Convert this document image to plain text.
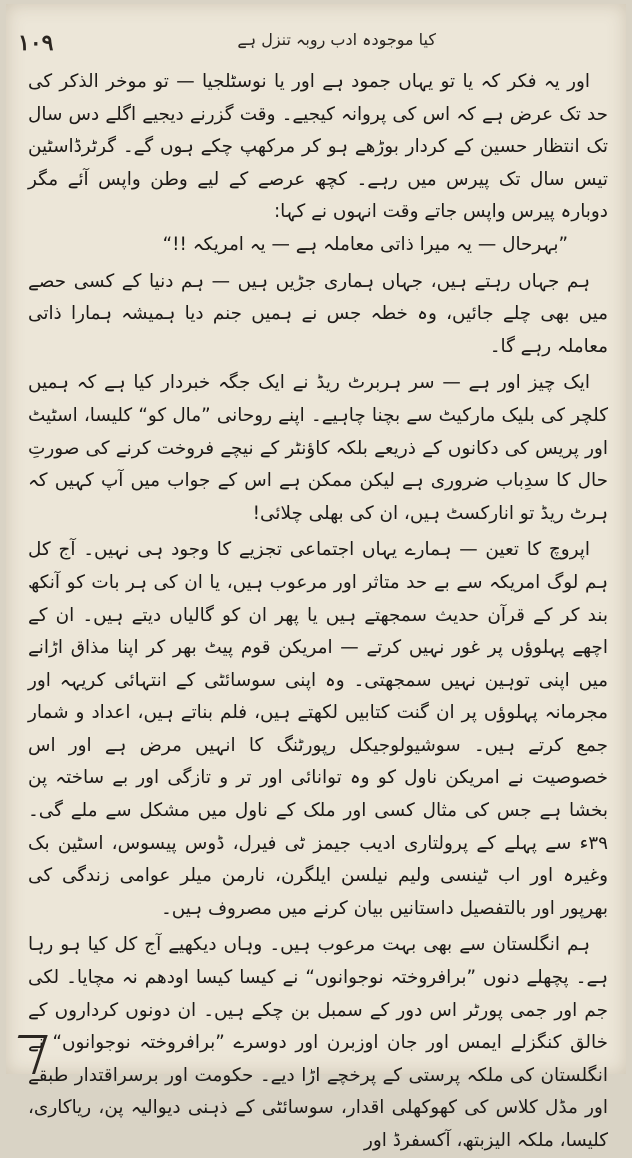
۱۰۹	کیا موجودہ ادب روبہ تنزل ہے

اور یہ فکر کہ یا تو یہاں جمود ہے اور یا نوسٹلجیا — تو موخر الذکر کی حد تک عرض ہے کہ اس کی پروانہ کیجیے۔ وقت گزرنے دیجیے اگلے دس سال تک انتظار حسین کے کردار بوڑھے ہو کر مرکھپ چکے ہوں گے۔ گرٹرڈاسٹین تیس سال تک پیرس میں رہے۔ کچھ عرصے کے لیے وطن واپس آئے مگر دوبارہ پیرس واپس جاتے وقت انہوں نے کہا:

”بہرحال — یہ میرا ذاتی معاملہ ہے — یہ امریکہ !!“

ہم جہاں رہتے ہیں، جہاں ہماری جڑیں ہیں — ہم دنیا کے کسی حصے میں بھی چلے جائیں، وہ خطہ جس نے ہمیں جنم دیا ہمیشہ ہمارا ذاتی معاملہ رہے گا۔

ایک چیز اور ہے — سر ہربرٹ ریڈ نے ایک جگہ خبردار کیا ہے کہ ہمیں کلچر کی بلیک مارکیٹ سے بچنا چاہیے۔ اپنے روحانی ”مال کو“ کلیسا، اسٹیٹ اور پریس کی دکانوں کے ذریعے بلکہ کاؤنٹر کے نیچے فروخت کرنے کی صورتِ حال کا سدِباب ضروری ہے لیکن ممکن ہے اس کے جواب میں آپ کہیں کہ ہرٹ ریڈ تو انارکسٹ ہیں، ان کی بھلی چلائی!

اپروچ کا تعین — ہمارے یہاں اجتماعی تجزیے کا وجود ہی نہیں۔ آج کل ہم لوگ امریکہ سے بے حد متاثر اور مرعوب ہیں، یا ان کی ہر بات کو آنکھ بند کر کے قرآن حدیث سمجھتے ہیں یا پھر ان کو گالیاں دیتے ہیں۔ ان کے اچھے پہلوؤں پر غور نہیں کرتے — امریکن قوم پیٹ بھر کر اپنا مذاق اڑانے میں اپنی توہین نہیں سمجھتی۔ وہ اپنی سوسائٹی کے انتہائی کریہہ اور مجرمانہ پہلوؤں پر ان گنت کتابیں لکھتے ہیں، فلم بناتے ہیں، اعداد و شمار جمع کرتے ہیں۔ سوشیولوجیکل رپورٹنگ کا انہیں مرض ہے اور اس خصوصیت نے امریکن ناول کو وہ توانائی اور تر و تازگی اور بے ساختہ پن بخشا ہے جس کی مثال کسی اور ملک کے ناول میں مشکل سے ملے گی۔ ۳۹ء سے پہلے کے پرولتاری ادیب جیمز ٹی فیرل، ڈوس پیسوس، اسٹین بک وغیرہ اور اب ٹینسی ولیم نیلسن ایلگرن، نارمن میلر عوامی زندگی کی بھرپور اور بالتفصیل داستانیں بیان کرنے میں مصروف ہیں۔

ہم انگلستان سے بھی بہت مرعوب ہیں۔ وہاں دیکھیے آج کل کیا ہو رہا ہے۔ پچھلے دنوں ”برافروختہ نوجوانوں“ نے کیسا کیسا اودھم نہ مچایا۔ لکی جم اور جمی پورٹر اس دور کے سمبل بن چکے ہیں۔ ان دونوں کرداروں کے خالق کنگزلے ایمس اور جان اوزبرن اور دوسرے ”برافروختہ نوجوانوں“ نے انگلستان کی ملکہ پرستی کے پرخچے اڑا دیے۔ حکومت اور برسراقتدار طبقے اور مڈل کلاس کی کھوکھلی اقدار، سوسائٹی کے ذہنی دیوالیہ پن، ریاکاری، کلیسا، ملکہ الیزبتھ، آکسفرڈ اور
